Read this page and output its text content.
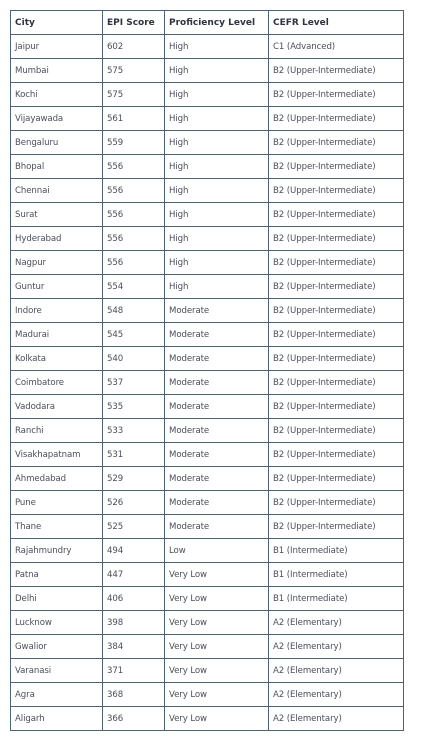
City	EPI Score	Proficiency Level	CEFR Level
Jaipur	602	High	C1 (Advanced)
Mumbai	575	High	B2 (Upper-Intermediate)
Kochi	575	High	B2 (Upper-Intermediate)
Vijayawada	561	High	B2 (Upper-Intermediate)
Bengaluru	559	High	B2 (Upper-Intermediate)
Bhopal	556	High	B2 (Upper-Intermediate)
Chennai	556	High	B2 (Upper-Intermediate)
Surat	556	High	B2 (Upper-Intermediate)
Hyderabad	556	High	B2 (Upper-Intermediate)
Nagpur	556	High	B2 (Upper-Intermediate)
Guntur	554	High	B2 (Upper-Intermediate)
Indore	548	Moderate	B2 (Upper-Intermediate)
Madurai	545	Moderate	B2 (Upper-Intermediate)
Kolkata	540	Moderate	B2 (Upper-Intermediate)
Coimbatore	537	Moderate	B2 (Upper-Intermediate)
Vadodara	535	Moderate	B2 (Upper-Intermediate)
Ranchi	533	Moderate	B2 (Upper-Intermediate)
Visakhapatnam	531	Moderate	B2 (Upper-Intermediate)
Ahmedabad	529	Moderate	B2 (Upper-Intermediate)
Pune	526	Moderate	B2 (Upper-Intermediate)
Thane	525	Moderate	B2 (Upper-Intermediate)
Rajahmundry	494	Low	B1 (Intermediate)
Patna	447	Very Low	B1 (Intermediate)
Delhi	406	Very Low	B1 (Intermediate)
Lucknow	398	Very Low	A2 (Elementary)
Gwalior	384	Very Low	A2 (Elementary)
Varanasi	371	Very Low	A2 (Elementary)
Agra	368	Very Low	A2 (Elementary)
Aligarh	366	Very Low	A2 (Elementary)
